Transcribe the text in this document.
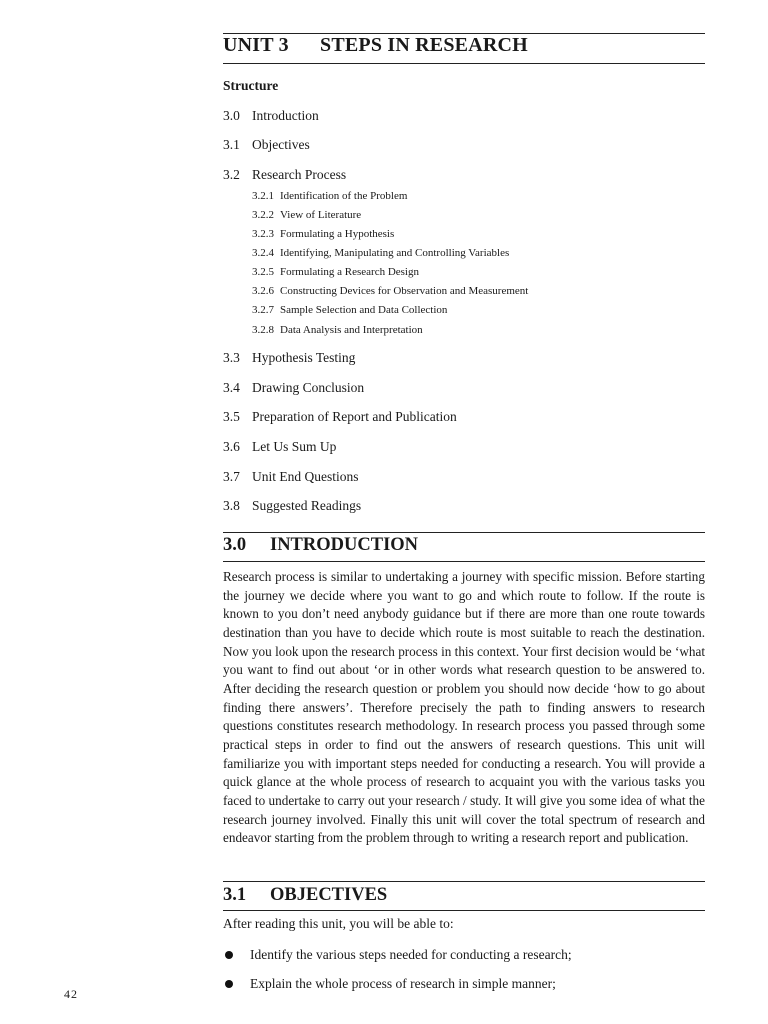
UNIT 3 STEPS IN RESEARCH
Structure
3.0 Introduction
3.1 Objectives
3.2 Research Process
3.2.1 Identification of the Problem
3.2.2 View of Literature
3.2.3 Formulating a Hypothesis
3.2.4 Identifying, Manipulating and Controlling Variables
3.2.5 Formulating a Research Design
3.2.6 Constructing Devices for Observation and Measurement
3.2.7 Sample Selection and Data Collection
3.2.8 Data Analysis and Interpretation
3.3 Hypothesis Testing
3.4 Drawing Conclusion
3.5 Preparation of Report and Publication
3.6 Let Us Sum Up
3.7 Unit End Questions
3.8 Suggested Readings
3.0 INTRODUCTION

Research process is similar to undertaking a journey with specific mission. Before starting the journey we decide where you want to go and which route to follow. If the route is known to you don’t need anybody guidance but if there are more than one route towards destination than you have to decide which route is most suitable to reach the destination. Now you look upon the research process in this context. Your first decision would be ‘what you want to find out about ‘or in other words what research question to be answered to. After deciding the research question or problem you should now decide ‘how to go about finding there answers’. Therefore precisely the path to finding answers to research questions constitutes research methodology. In research process you passed through some practical steps in order to find out the answers of research questions. This unit will familiarize you with important steps needed for conducting a research. You will provide a quick glance at the whole process of research to acquaint you with the various tasks you faced to undertake to carry out your research / study. It will give you some idea of what the research journey involved. Finally this unit will cover the total spectrum of research and endeavor starting from the problem through to writing a research report and publication.

3.1 OBJECTIVES
After reading this unit, you will be able to:
Identify the various steps needed for conducting a research;
Explain the whole process of research in simple manner;
42
